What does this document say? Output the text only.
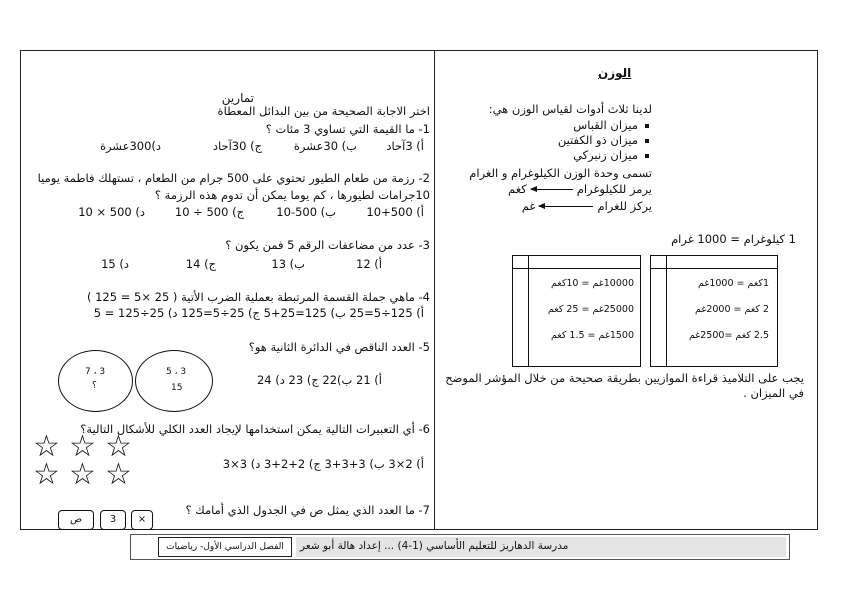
الوزن
لدينا ثلاث أدوات لقياس الوزن هي:
ميزان القباس
ميزان ذو الكفتين
ميزان زنبركي
تسمى وحدة الوزن الكيلوغرام و الغرام
يرمز للكيلوغرامكغم
يركز للغرامغم
1 كيلوغرام = 1000 غرام
10000غم = 10كغم
25000غم = 25 كغم
1500غم = 1.5 كغم
1كغم = 1000غم
2 كغم = 2000غم
2.5 كغم =2500غم
يجب على التلاميذ قراءة الموازيين بطريقة صحيحة من خلال المؤشر الموضح
في الميزان .
تمارين
اختر الاجابة الصحيحة من بين البدائل المعطاة
1- ما القيمة التي تساوي 3 مئات ؟
أ) 3آحاد
ب) 30عشرة
ج) 30آحاد
د)300عشرة
2- رزمة من طعام الطيور تحتوي على 500 جرام من الطعام ، تستهلك فاطمة يوميا
10جرامات لطيورها ، كم يوما يمكن أن تدوم هذه الرزمة ؟
أ) 500+10
ب) 500-10
ج) 500 ÷ 10
د) 500 × 10
3- عدد من مضاعفات الرقم 5 فمن يكون ؟
أ) 12
ب) 13
ج) 14
د) 15
4- ماهي جملة القسمة المرتبطة بعملية الضرب الأتية ( 25 ×5 = 125 )
أ) 125÷5=25 ب) 125=25+5 ج) 25÷5=125 د) 25÷125 = 5
5- العدد الناقص في الدائرة الثانية هو؟
أ) 21 ب)22 ج) 23 د) 24
3 ، 5
15
3 ، 7
؟
6- أي التعبيرات التالية يمكن استخدامها لإيجاد العدد الكلي للأشكال التالية؟
أ) 2×3 ب) 3+3+3 ج) 2+2+3 د) 3×3
☆ ☆ ☆
☆ ☆ ☆
7- ما العدد الذي يمثل ص في الجدول الذي أمامك ؟
×
3
ص
مدرسة الدهاريز للتعليم الأساسي (1-4) ... إعداد هالة أبو شعر
الفصل الدراسي الأول- رياضيات
